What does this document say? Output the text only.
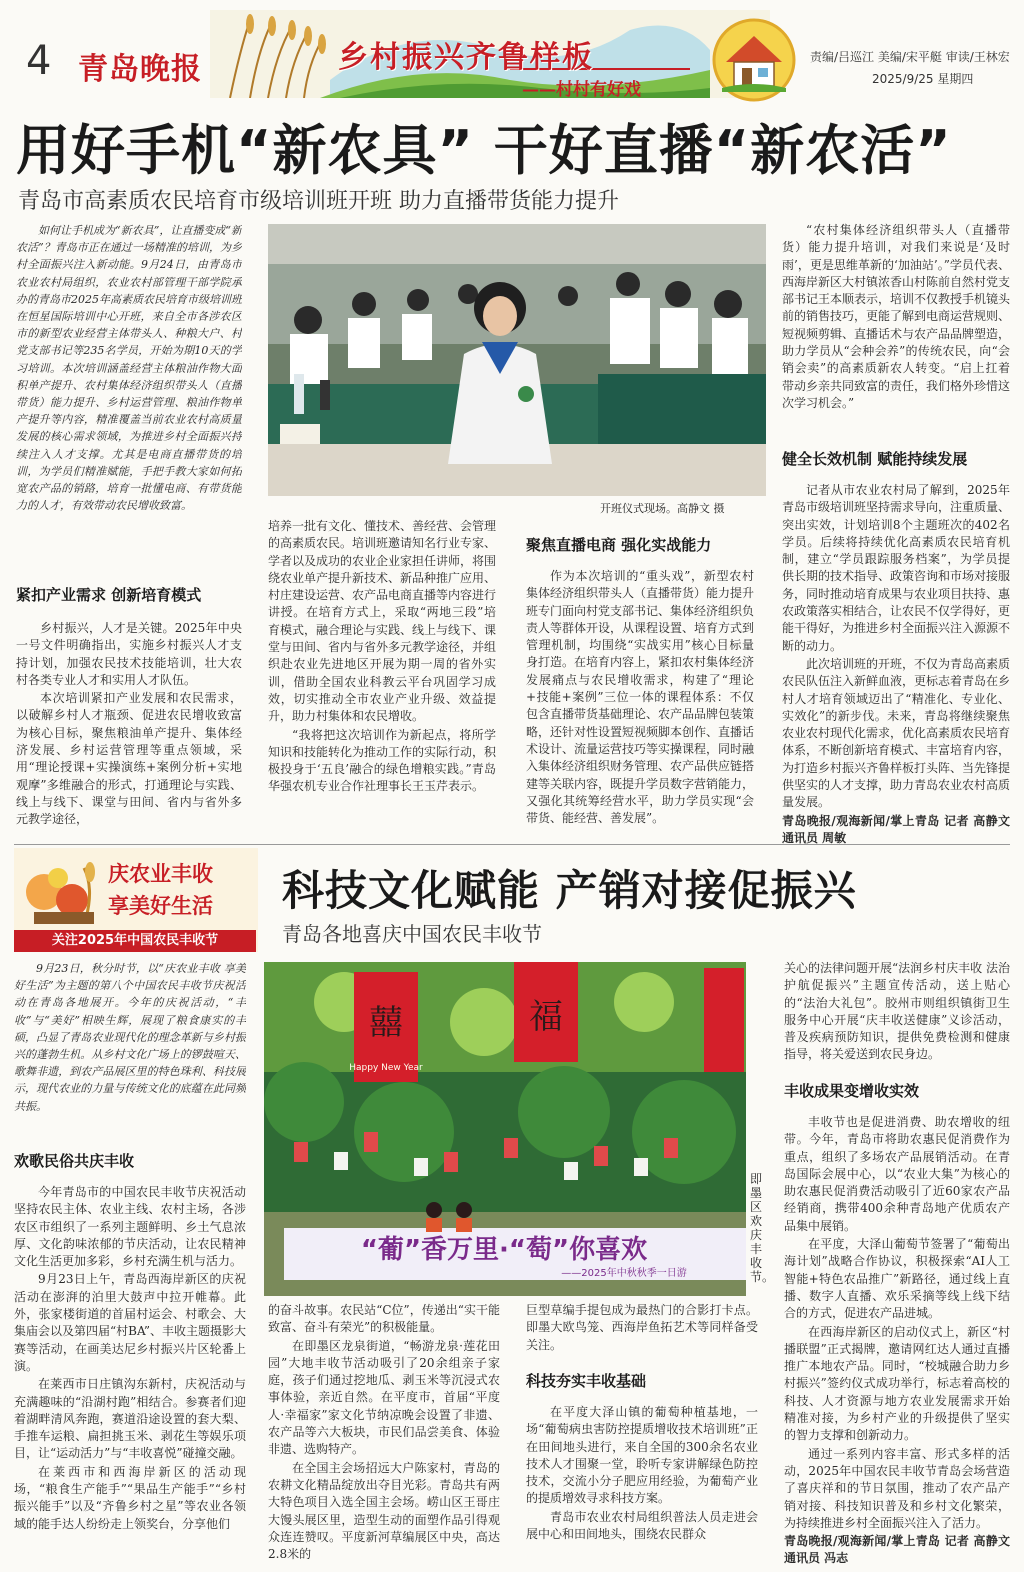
4 青岛晚报	乡村振兴齐鲁样板
——村村有好戏
责编/吕巡江 美编/宋平艇 审读/王林宏
2025/9/25 星期四
用好手机“新农具” 干好直播“新农活”
青岛市高素质农民培育市级培训班开班 助力直播带货能力提升

如何让手机成为“新农具”，让直播变成“新农活”？青岛市正在通过一场精准的培训，为乡村全面振兴注入新动能。9月24日，由青岛市农业农村局组织，农业农村部管理干部学院承办的青岛市2025年高素质农民培育市级培训班在恒星国际培训中心开班，来自全市各涉农区市的新型农业经营主体带头人、种粮大户、村党支部书记等235名学员，开始为期10天的学习培训。本次培训涵盖经营主体粮油作物大面积单产提升、农村集体经济组织带头人（直播带货）能力提升、乡村运营管理、粮油作物单产提升等内容，精准覆盖当前农业农村高质量发展的核心需求领域，为推进乡村全面振兴持续注入人才支撑。尤其是电商直播带货的培训，为学员们精准赋能，手把手教大家如何拓宽农产品的销路，培育一批懂电商、有带货能力的人才，有效带动农民增收致富。

紧扣产业需求 创新培育模式

乡村振兴，人才是关键。2025年中央一号文件明确指出，实施乡村振兴人才支持计划，加强农民技术技能培训，壮大农村各类专业人才和实用人才队伍。

本次培训紧扣产业发展和农民需求，以破解乡村人才瓶颈、促进农民增收致富为核心目标，聚焦粮油单产提升、集体经济发展、乡村运营管理等重点领域，采用“理论授课+实操演练+案例分析+实地观摩”多维融合的形式，打通理论与实践、线上与线下、课堂与田间、省内与省外多元教学途径，

开班仪式现场。高静文 摄

培养一批有文化、懂技术、善经营、会管理的高素质农民。培训班邀请知名行业专家、学者以及成功的农业企业家担任讲师，将围绕农业单产提升新技术、新品种推广应用、村庄建设运营、农产品电商直播等内容进行讲授。在培育方式上，采取“两地三段”培育模式，融合理论与实践、线上与线下、课堂与田间、省内与省外多元教学途径，并组织赴农业先进地区开展为期一周的省外实训，借助全国农业科教云平台巩固学习成效，切实推动全市农业产业升级、效益提升，助力村集体和农民增收。

“我将把这次培训作为新起点，将所学知识和技能转化为推动工作的实际行动，积极投身于‘五良’融合的绿色增粮实践。”青岛华强农机专业合作社理事长王玉芹表示。

聚焦直播电商 强化实战能力

作为本次培训的“重头戏”，新型农村集体经济组织带头人（直播带货）能力提升班专门面向村党支部书记、集体经济组织负责人等群体开设，从课程设置、培育方式到管理机制，均围绕“实战实用”核心目标量身打造。在培育内容上，紧扣农村集体经济发展痛点与农民增收需求，构建了“理论+技能+案例”三位一体的课程体系：不仅包含直播带货基础理论、农产品品牌包装策略，还针对性设置短视频脚本创作、直播话术设计、流量运营技巧等实操课程，同时融入集体经济组织财务管理、农产品供应链搭建等关联内容，既提升学员数字营销能力，又强化其统筹经营水平，助力学员实现“会带货、能经营、善发展”。

“农村集体经济组织带头人（直播带货）能力提升培训，对我们来说是‘及时雨’，更是思维革新的‘加油站’。”学员代表、西海岸新区大村镇浓香山村陈前自然村党支部书记王本顺表示，培训不仅教授手机镜头前的销售技巧，更能了解到电商运营规则、短视频剪辑、直播话术与农产品品牌塑造，助力学员从“会种会养”的传统农民，向“会销会卖”的高素质新农人转变。“启上扛着带动乡亲共同致富的责任，我们格外珍惜这次学习机会。”

健全长效机制 赋能持续发展

记者从市农业农村局了解到，2025年青岛市级培训班坚持需求导向，注重质量、突出实效，计划培训8个主题班次的402名学员。后续将持续优化高素质农民培育机制，建立“学员跟踪服务档案”，为学员提供长期的技术指导、政策咨询和市场对接服务，同时推动培育成果与农业项目扶持、惠农政策落实相结合，让农民不仅学得好，更能干得好，为推进乡村全面振兴注入源源不断的动力。

此次培训班的开班，不仅为青岛高素质农民队伍注入新鲜血液，更标志着青岛在乡村人才培育领域迈出了“精准化、专业化、实效化”的新步伐。未来，青岛将继续聚焦农业农村现代化需求，优化高素质农民培育体系，不断创新培育模式、丰富培育内容，为打造乡村振兴齐鲁样板打头阵、当先锋提供坚实的人才支撑，助力青岛农业农村高质量发展。

青岛晚报/观海新闻/掌上青岛 记者 高静文 通讯员 周敏

庆农业丰收
享美好生活
关注2025年中国农民丰收节
科技文化赋能 产销对接促振兴
青岛各地喜庆中国农民丰收节

9月23日，秋分时节，以“庆农业丰收 享美好生活”为主题的第八个中国农民丰收节庆祝活动在青岛各地展开。今年的庆祝活动，“丰收”与“美好”相映生辉，展现了粮食康实的丰硕，凸显了青岛农业现代化的理念革新与乡村振兴的蓬勃生机。从乡村文化广场上的锣鼓喧天、歌舞非遗，到农产品展区里的特色珠利、科技展示，现代农业的力量与传统文化的底蕴在此同频共振。

欢歌民俗共庆丰收

今年青岛市的中国农民丰收节庆祝活动坚持农民主体、农业主线、农村主场，各涉农区市组织了一系列主题鲜明、乡土气息浓厚、文化韵味浓郁的节庆活动，让农民精神文化生活更加多彩，乡村充满生机与活力。

9月23日上午，青岛西海岸新区的庆祝活动在澎湃的泊里大鼓声中拉开帷幕。此外，张家楼街道的首届村运会、村歌会、大集庙会以及第四届“村BA”、丰收主题摄影大赛等活动，在画美达尼乡村振兴片区轮番上演。

在莱西市日庄镇沟东新村，庆祝活动与充满趣味的“沿湖村跑”相结合。参赛者们迎着湖畔清风奔跑，赛道沿途设置的套大梨、手推车运粮、扁担挑玉米、剥花生等娱乐项目，让“运动活力”与“丰收喜悦”碰撞交融。

在莱西市和西海岸新区的活动现场，“粮食生产能手”“果品生产能手”“乡村振兴能手”以及“齐鲁乡村之星”等农业各领域的能手达人纷纷走上领奖台，分享他们

囍	福
Happy New Year
“葡”香万里·“萄”你喜欢
——2025年中秋秋季一日游
即墨区欢庆丰收节。

的奋斗故事。农民站“C位”，传递出“实干能致富、奋斗有荣光”的积极能量。

在即墨区龙泉街道，“畅游龙泉·莲花田园”大地丰收节活动吸引了20余组亲子家庭，孩子们通过挖地瓜、剥玉米等沉浸式农事体验，亲近自然。在平度市，首届“平度人·幸福家”家文化节纳凉晚会设置了非遗、农产品等六大板块，市民们品尝美食、体验非遗、选购特产。

在全国主会场招远大户陈家村，青岛的农耕文化精品绽放出夺目光彩。青岛共有两大特色项目入选全国主会场。崂山区王哥庄大馒头展区里，造型生动的面塑作品引得观众连连赞叹。平度新河草编展区中央，高达2.8米的

巨型草编手提包成为最热门的合影打卡点。即墨大欧鸟笼、西海岸鱼拓艺术等同样备受关注。

科技夯实丰收基础

在平度大泽山镇的葡萄种植基地，一场“葡萄病虫害防控提质增收技术培训班”正在田间地头进行，来自全国的300余名农业技术人才围聚一堂，聆听专家讲解绿色防控技术，交流小分子肥应用经验，为葡萄产业的提质增效寻求科技方案。

青岛市农业农村局组织普法人员走进会展中心和田间地头，围绕农民群众

关心的法律问题开展“法润乡村庆丰收 法治护航促振兴”主题宣传活动，送上贴心的“法治大礼包”。胶州市则组织镇街卫生服务中心开展“庆丰收送健康”义诊活动，普及疾病预防知识，提供免费检测和健康指导，将关爱送到农民身边。

丰收成果变增收实效

丰收节也是促进消费、助农增收的纽带。今年，青岛市将助农惠民促消费作为重点，组织了多场农产品展销活动。在青岛国际会展中心，以“农业大集”为核心的助农惠民促消费活动吸引了近60家农产品经销商，携带400余种青岛地产优质农产品集中展销。

在平度，大泽山葡萄节签署了“葡萄出海计划”战略合作协议，积极探索“AI人工智能+特色农品推广”新路径，通过线上直播、数字人直播、欢乐采摘等线上线下结合的方式，促进农产品进城。

在西海岸新区的启动仪式上，新区“村播联盟”正式揭牌，邀请网红达人通过直播推广本地农产品。同时，“校城融合助力乡村振兴”签约仪式成功举行，标志着高校的科技、人才资源与地方农业发展需求开始精准对接，为乡村产业的升级提供了坚实的智力支撑和创新动力。

通过一系列内容丰富、形式多样的活动，2025年中国农民丰收节青岛会场营造了喜庆祥和的节日氛围，推动了农产品产销对接、科技知识普及和乡村文化繁荣，为持续推进乡村全面振兴注入了活力。

青岛晚报/观海新闻/掌上青岛 记者 高静文 通讯员 冯志
